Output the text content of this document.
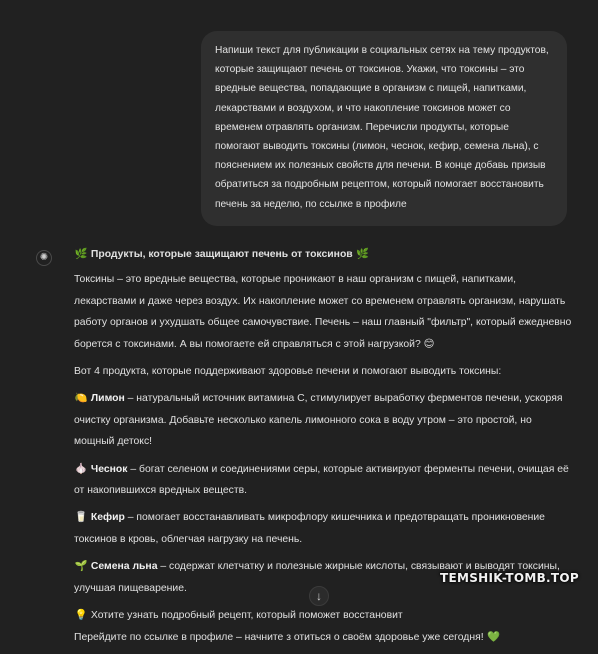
Напиши текст для публикации в социальных сетях на тему продуктов, которые защищают печень от токсинов. Укажи, что токсины – это вредные вещества, попадающие в организм с пищей, напитками, лекарствами и воздухом, и что накопление токсинов может со временем отравлять организм. Перечисли продукты, которые помогают выводить токсины (лимон, чеснок, кефир, семена льна), с пояснением их полезных свойств для печени. В конце добавь призыв обратиться за подробным рецептом, который помогает восстановить печень за неделю, по ссылке в профиле

✺	🌿 Продукты, которые защищают печень от токсинов 🌿

Токсины – это вредные вещества, которые проникают в наш организм с пищей, напитками, лекарствами и даже через воздух. Их накопление может со временем отравлять организм, нарушать работу органов и ухудшать общее самочувствие. Печень – наш главный "фильтр", который ежедневно борется с токсинами. А вы помогаете ей справляться с этой нагрузкой? 😊

Вот 4 продукта, которые поддерживают здоровье печени и помогают выводить токсины:

🍋 Лимон – натуральный источник витамина С, стимулирует выработку ферментов печени, ускоряя очистку организма. Добавьте несколько капель лимонного сока в воду утром – это простой, но мощный детокс!

🧄 Чеснок – богат селеном и соединениями серы, которые активируют ферменты печени, очищая её от накопившихся вредных веществ.

🥛 Кефир – помогает восстанавливать микрофлору кишечника и предотвращать проникновение токсинов в кровь, облегчая нагрузку на печень.

🌱 Семена льна – содержат клетчатку и полезные жирные кислоты, связывают и выводят токсины, улучшая пищеварение.

💡 Хотите узнать подробный рецепт, который поможет восстановит
Перейдите по ссылке в профиле – начните з отиться о своём здоровье уже сегодня! 💚

↓
TEMSHIK-TOMB.TOP
